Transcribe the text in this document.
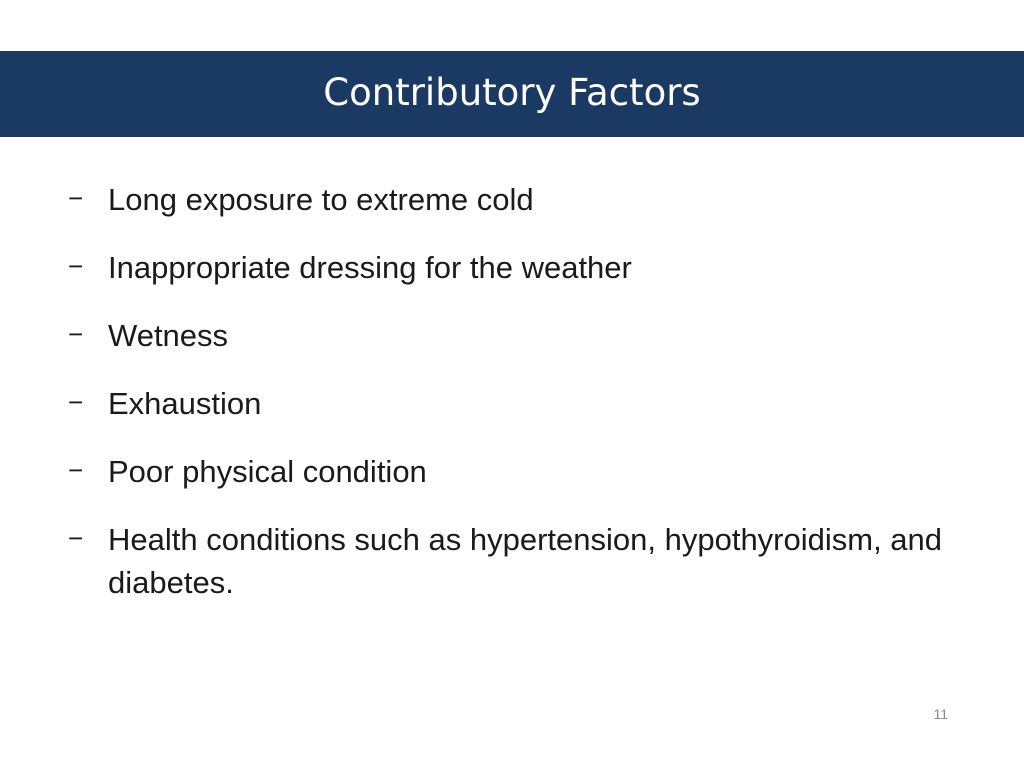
Contributory Factors
− Long exposure to extreme cold
− Inappropriate dressing for the weather
− Wetness
− Exhaustion
− Poor physical condition
− Health conditions such as hypertension, hypothyroidism, and diabetes.
11
